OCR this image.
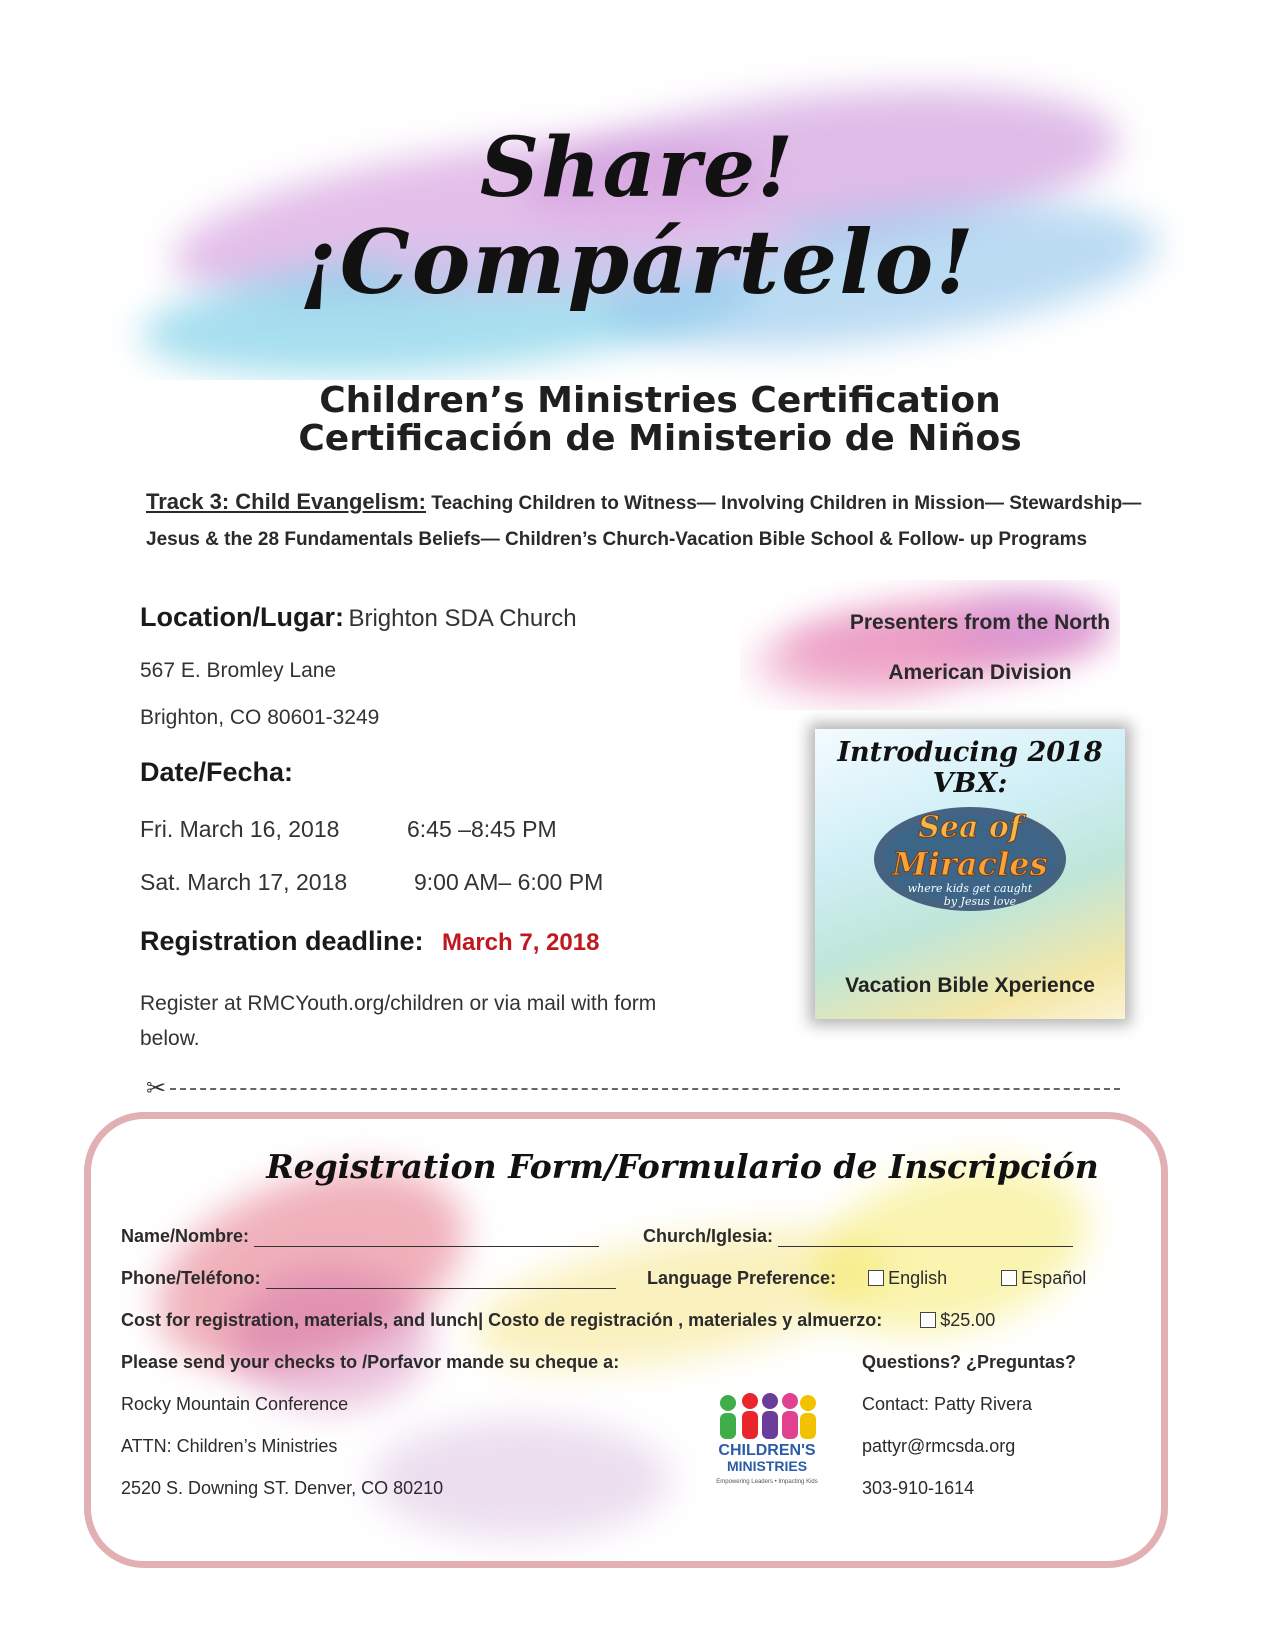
Share!
¡Compártelo!
Children’s Ministries Certification
Certificación de Ministerio de Niños
Track 3: Child Evangelism: Teaching Children to Witness— Involving Children in Mission— Stewardship—
Jesus & the 28 Fundamentals Beliefs— Children’s Church-Vacation Bible School & Follow- up Programs
Location/Lugar: Brighton SDA Church
567 E. Bromley Lane
Brighton, CO 80601-3249
Date/Fecha:
Fri. March 16, 2018	6:45 –8:45 PM
Sat. March 17, 2018	9:00 AM– 6:00 PM
Registration deadline: March 7, 2018
Register at RMCYouth.org/children or via mail with form
below.
Presenters from the North
American Division
Introducing 2018 VBX:
Sea of
Miracles
where kids get caught
by Jesus love
Vacation Bible Xperience
✂
Registration Form/Formulario de Inscripción
Name/Nombre:	Church/Iglesia:
Phone/Teléfono:	Language Preference:	English	Español
Cost for registration, materials, and lunch| Costo de registración , materiales y almuerzo:	$25.00
Please send your checks to /Porfavor mande su cheque a:
Rocky Mountain Conference
ATTN: Children’s Ministries
2520 S. Downing ST. Denver, CO 80210
Questions? ¿Preguntas?
Contact: Patty Rivera
pattyr@rmcsda.org
303-910-1614
CHILDREN'S
MINISTRIES
Empowering Leaders • Impacting Kids
